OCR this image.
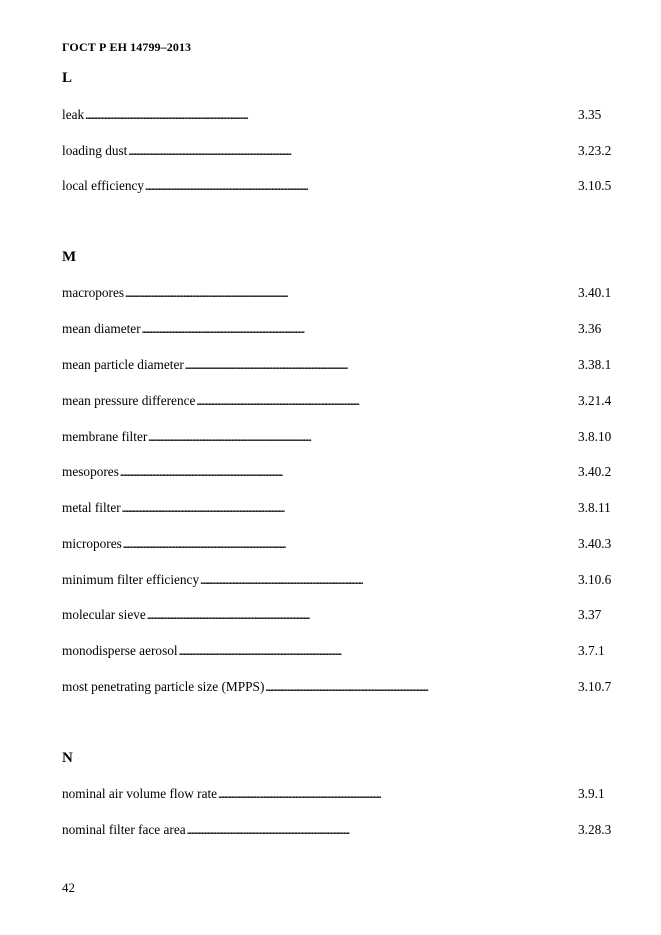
ГОСТ Р ЕН 14799–2013
L
leak . . .	3.35
loading dust . . .	3.23.2
local efficiency . . .	3.10.5
M
macropores . . .	3.40.1
mean diameter . . .	3.36
mean particle diameter . . .	3.38.1
mean pressure difference . . .	3.21.4
membrane filter . . .	3.8.10
mesopores . . .	3.40.2
metal filter . . .	3.8.11
micropores . . .	3.40.3
minimum filter efficiency . . .	3.10.6
molecular sieve . . .	3.37
monodisperse aerosol . . .	3.7.1
most penetrating particle size (MPPS) . . .	3.10.7
N
nominal air volume flow rate . . .	3.9.1
nominal filter face area . . .	3.28.3
42
